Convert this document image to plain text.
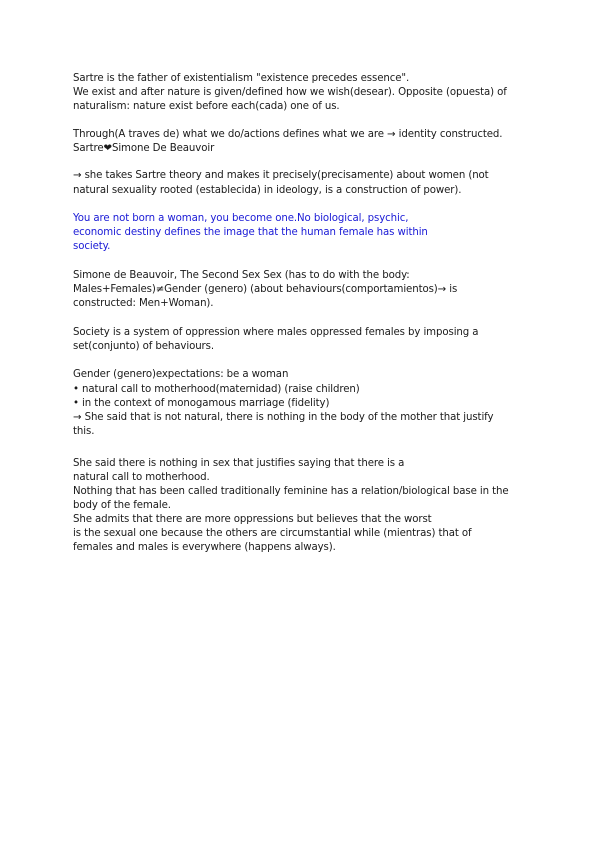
Sartre is the father of existentialism "existence precedes essence".
We exist and after nature is given/defined how we wish(desear). Opposite (opuesta) of
naturalism: nature exist before each(cada) one of us.

Through(A traves de) what we do/actions defines what we are → identity constructed.
Sartre❤Simone De Beauvoir

→ she takes Sartre theory and makes it precisely(precisamente) about women (not
natural sexuality rooted (establecida) in ideology, is a construction of power).

You are not born a woman, you become one.No biological, psychic,
economic destiny defines the image that the human female has within
society.

Simone de Beauvoir, The Second Sex Sex (has to do with the body:
Males+Females)≠Gender (genero) (about behaviours(comportamientos)→ is
constructed: Men+Woman).

Society is a system of oppression where males oppressed females by imposing a
set(conjunto) of behaviours.

Gender (genero)expectations: be a woman
• natural call to motherhood(maternidad) (raise children)
• in the context of monogamous marriage (fidelity)
→ She said that is not natural, there is nothing in the body of the mother that justify
this.

She said there is nothing in sex that justifies saying that there is a
natural call to motherhood.
Nothing that has been called traditionally feminine has a relation/biological base in the
body of the female.
She admits that there are more oppressions but believes that the worst
is the sexual one because the others are circumstantial while (mientras) that of
females and males is everywhere (happens always).
